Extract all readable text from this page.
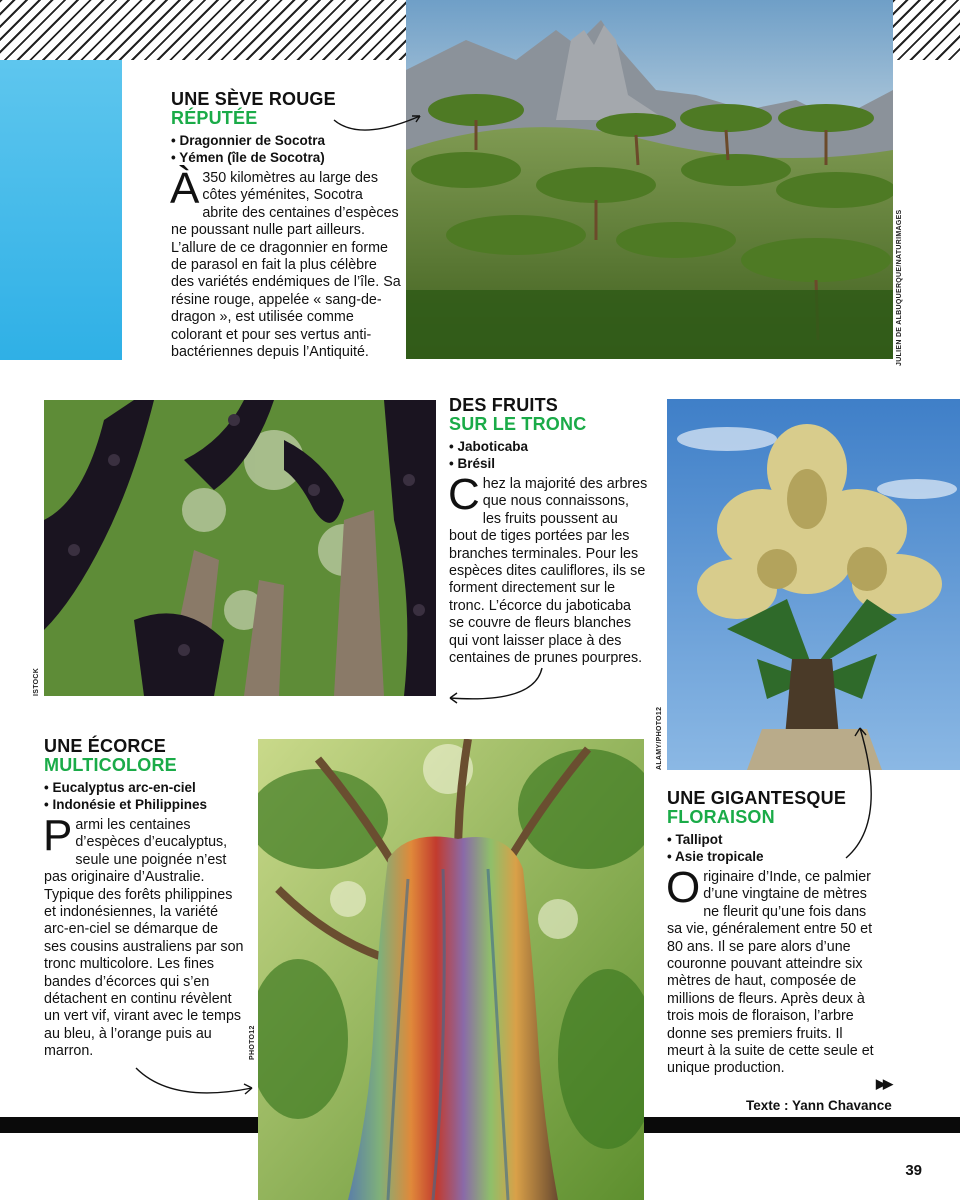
JULIEN DE ALBUQUERQUE/NATURIMAGES
UNE SÈVE ROUGE
RÉPUTÉE
• Dragonnier de Socotra
• Yémen (île de Socotra)
À 350 kilomètres au large des côtes yéménites, Socotra abrite des centaines d’espèces ne poussant nulle part ailleurs. L’allure de ce dragonnier en forme de parasol en fait la plus célèbre des variétés endémiques de l’île. Sa résine rouge, appelée « sang-de-dragon », est utilisée comme colorant et pour ses vertus anti-bactériennes depuis l’Antiquité.
ISTOCK
DES FRUITS
SUR LE TRONC
• Jaboticaba
• Brésil
Chez la majorité des arbres que nous connaissons, les fruits poussent au bout de tiges portées par les branches terminales. Pour les espèces dites cauliflores, ils se forment directement sur le tronc. L’écorce du jaboticaba se couvre de fleurs blanches qui vont laisser place à des centaines de prunes pourpres.
ALAMY/PHOTO12
UNE GIGANTESQUE
FLORAISON
• Tallipot
• Asie tropicale
Originaire d’Inde, ce palmier d’une vingtaine de mètres ne fleurit qu’une fois dans sa vie, généralement entre 50 et 80 ans. Il se pare alors d’une couronne pouvant atteindre six mètres de haut, composée de millions de fleurs. Après deux à trois mois de floraison, l’arbre donne ses premiers fruits. Il meurt à la suite de cette seule et unique production.
UNE ÉCORCE
MULTICOLORE
• Eucalyptus arc-en-ciel
• Indonésie et Philippines
Parmi les centaines d’espèces d’eucalyptus, seule une poignée n’est pas originaire d’Australie. Typique des forêts philippines et indonésiennes, la variété arc-en-ciel se démarque de ses cousins australiens par son tronc multicolore. Les fines bandes d’écorces qui s’en détachent en continu révèlent un vert vif, virant avec le temps au bleu, à l’orange puis au marron.	PHOTO12
▶▶
Texte : Yann Chavance
39
